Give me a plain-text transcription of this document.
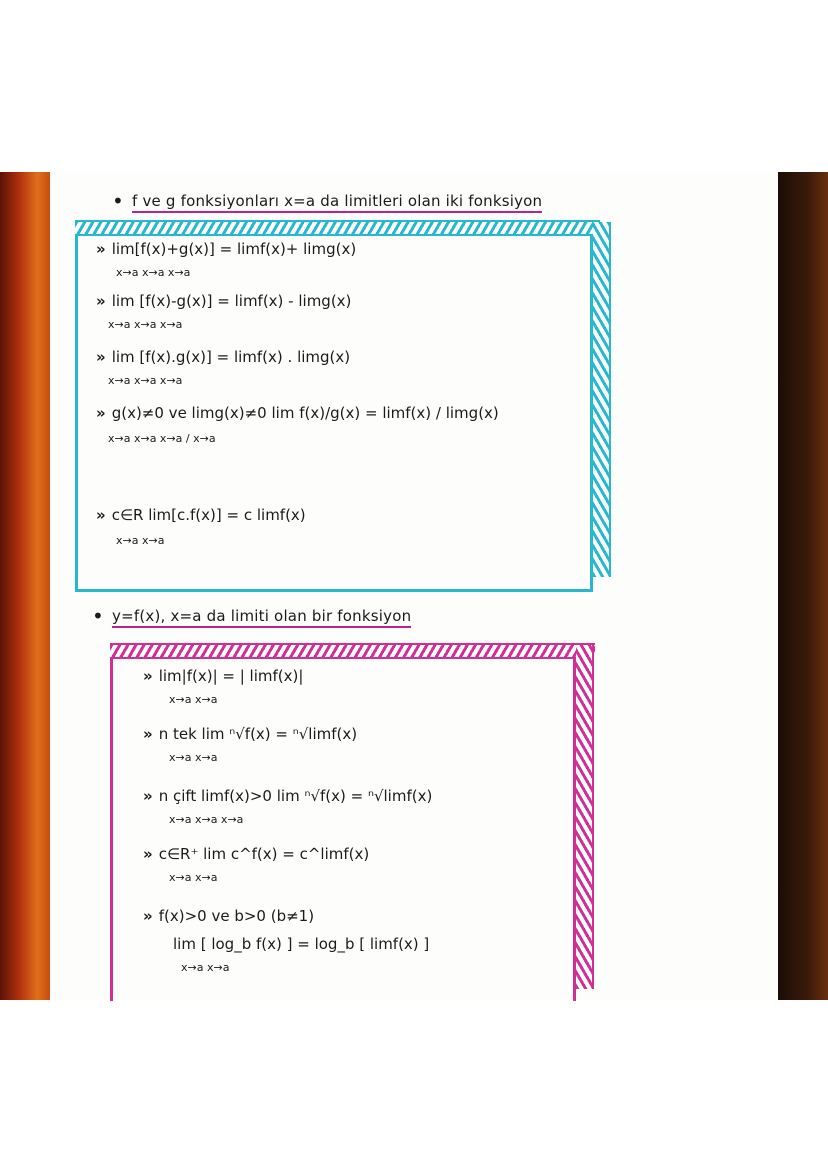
• f ve g fonksiyonları x=a da limitleri olan iki fonksiyon
» lim[f(x)+g(x)] = limf(x)+ limg(x)
x→a x→a x→a
» lim [f(x)-g(x)] = limf(x) - limg(x)
x→a x→a x→a
» lim [f(x).g(x)] = limf(x) . limg(x)
x→a x→a x→a
» g(x)≠0 ve limg(x)≠0 lim f(x)/g(x) = limf(x) / limg(x)
x→a x→a x→a / x→a
» c∈R lim[c.f(x)] = c limf(x)
x→a x→a
• y=f(x), x=a da limiti olan bir fonksiyon
» lim|f(x)| = | limf(x)|
x→a x→a
» n tek lim ⁿ√f(x) = ⁿ√limf(x)
x→a x→a
» n çift limf(x)>0 lim ⁿ√f(x) = ⁿ√limf(x)
x→a x→a x→a
» c∈R⁺ lim c^f(x) = c^limf(x)
x→a x→a
» f(x)>0 ve b>0 (b≠1)
lim [ log_b f(x) ] = log_b [ limf(x) ]
x→a x→a
